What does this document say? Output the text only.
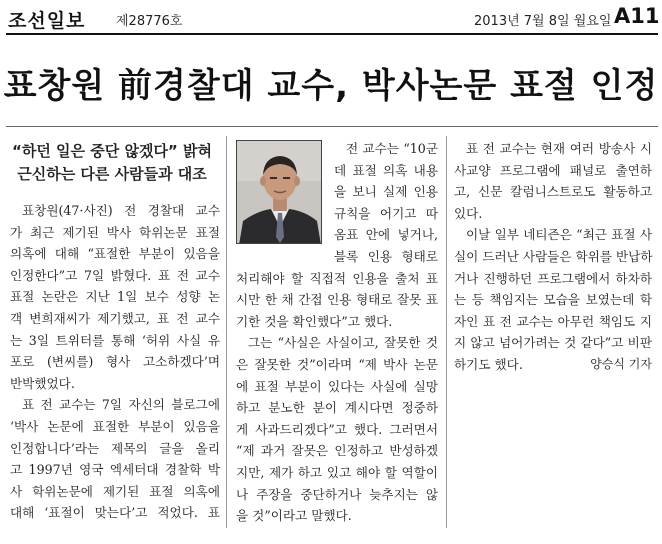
조선일보 제28776호	2013년 7월 8일 월요일 A11
표창원 前경찰대 교수, 박사논문 표절 인정

“하던 일은 중단 않겠다” 밝혀

근신하는 다른 사람들과 대조

표창원(47·사진) 전 경찰대 교수
가 최근 제기된 박사 학위논문 표절
의혹에 대해 “표절한 부분이 있음을
인정한다”고 7일 밝혔다. 표 전 교수
표절 논란은 지난 1일 보수 성향 논
객 변희재씨가 제기했고, 표 전 교수
는 3일 트위터를 통해 ‘허위 사실 유
포로 (변씨를) 형사 고소하겠다’며
반박했었다.

표 전 교수는 7일 자신의 블로그에
‘박사 논문에 표절한 부분이 있음을
인정합니다’라는 제목의 글을 올리
고 1997년 영국 엑세터대 경찰학 박
사 학위논문에 제기된 표절 의혹에
대해 ‘표절이 맞는다’고 적었다. 표

전 교수는 “10군
데 표절 의혹 내용
을 보니 실제 인용
규칙을 어기고 따
옴표 안에 넣거나,
블록 인용 형태로
처리해야 할 직접적 인용을 출처 표
시만 한 채 간접 인용 형태로 잘못 표
기한 것을 확인했다”고 했다.

그는 “사실은 사실이고, 잘못한 것
은 잘못한 것”이라며 “제 박사 논문
에 표절 부분이 있다는 사실에 실망
하고 분노한 분이 계시다면 정중하
게 사과드리겠다”고 했다. 그러면서
“제 과거 잘못은 인정하고 반성하겠
지만, 제가 하고 있고 해야 할 역할이
나 주장을 중단하거나 늦추지는 않
을 것”이라고 말했다.

표 전 교수는 현재 여러 방송사 시
사교양 프로그램에 패널로 출연하
고, 신문 칼럼니스트로도 활동하고
있다.

이날 일부 네티즌은 “최근 표절 사
실이 드러난 사람들은 학위를 반납하
거나 진행하던 프로그램에서 하차하
는 등 책임지는 모습을 보였는데 학
자인 표 전 교수는 아무런 책임도 지
지 않고 넘어가려는 것 같다”고 비판
하기도 했다.	양승식 기자
